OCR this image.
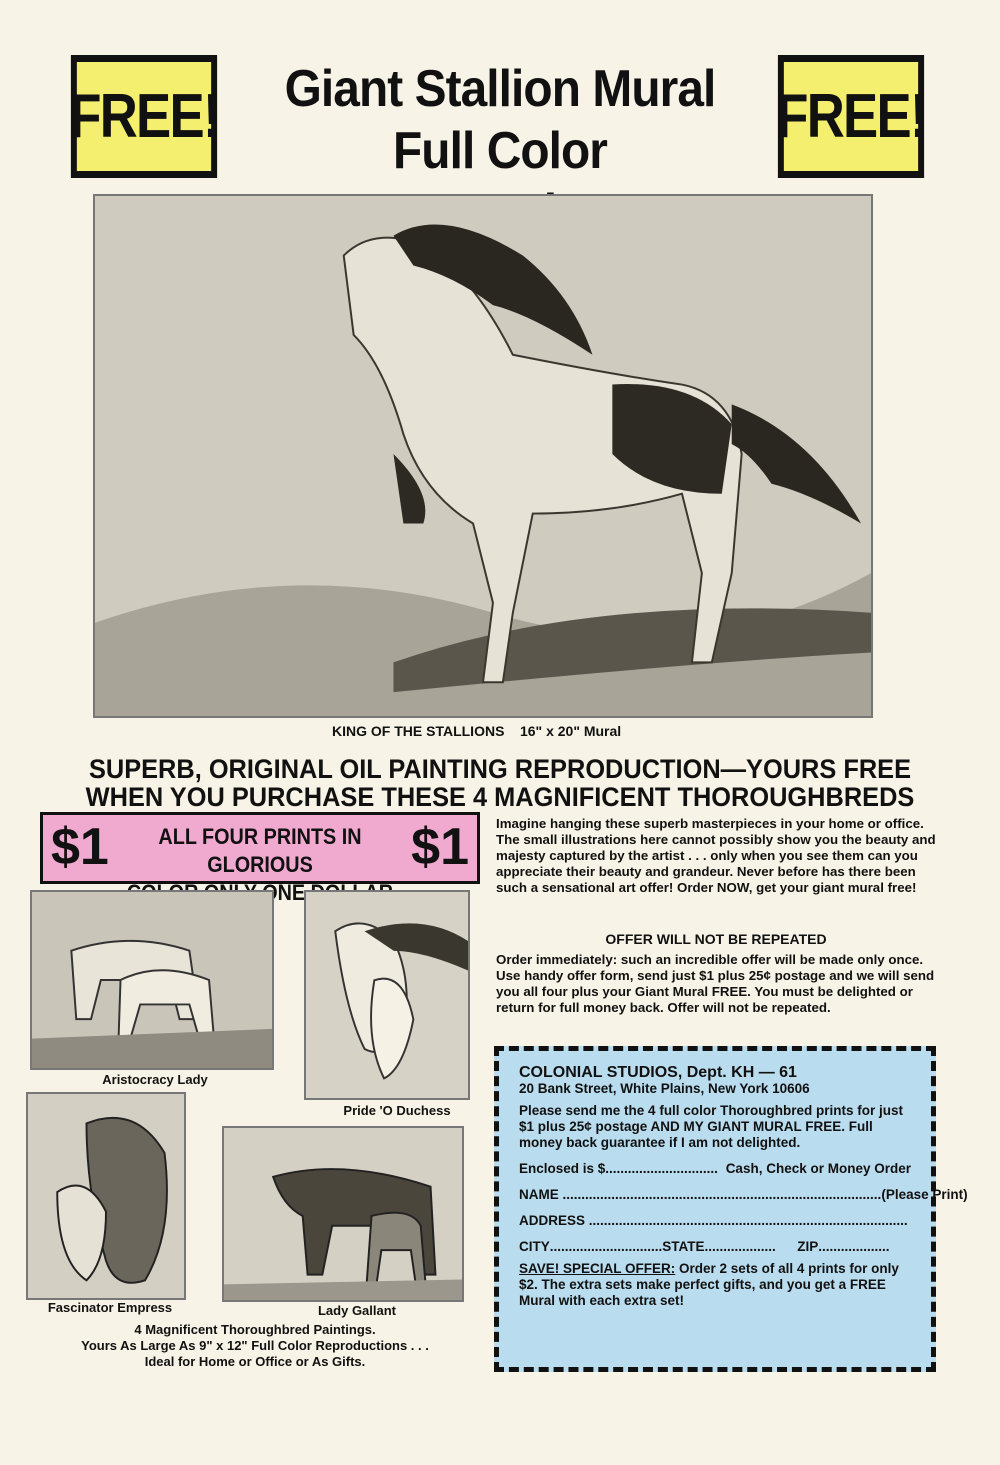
FREE!	FREE!
Giant Stallion Mural
Full Color
KING OF THE STALLIONS 16" x 20" Mural
SUPERB, ORIGINAL OIL PAINTING REPRODUCTION—YOURS FREE
WHEN YOU PURCHASE THESE 4 MAGNIFICENT THOROUGHBREDS
$1	ALL FOUR PRINTS IN GLORIOUS
ONE
$1
Aristocracy Lady
Pride 'O Duchess
Fascinator Empress	Lady Gallant
4 Magnificent Thoroughbred Paintings.
Yours As Large As 9" x 12" Full Color Reproductions . . .
Ideal for Home or Office or As Gifts.
Imagine hanging these superb masterpieces in your home or office. The small illustrations here cannot possibly show you the beauty and majesty captured by the artist . . . only when you see them can you appreciate their beauty and grandeur. Never before has there been such a sensational art offer! Order NOW, get your giant mural free!
OFFER WILL NOT BE REPEATED
Order immediately: such an incredible offer will be made only once. Use handy offer form, send just $1 plus 25¢ postage and we will send you all four plus your Giant Mural FREE. You must be delighted or return for full money back. Offer will not be repeated.
COLONIAL STUDIOS, Dept. KH — 61
20 Bank Street, White Plains, New York 10606
Please send me the 4 full color Thoroughbred prints for just $1 plus 25¢ postage AND MY GIANT MURAL FREE. Full money back guarantee if I am not delighted.
Enclosed is $ .............................. Cash, Check or Money Order
NAME ..................................................................................... (Please Print)
ADDRESS .....................................................................................
CITY .............................. STATE ...................	ZIP ...................
SAVE! SPECIAL OFFER: Order 2 sets of all 4 prints for only $2. The extra sets make perfect gifts, and you get a FREE Mural with each extra set!
